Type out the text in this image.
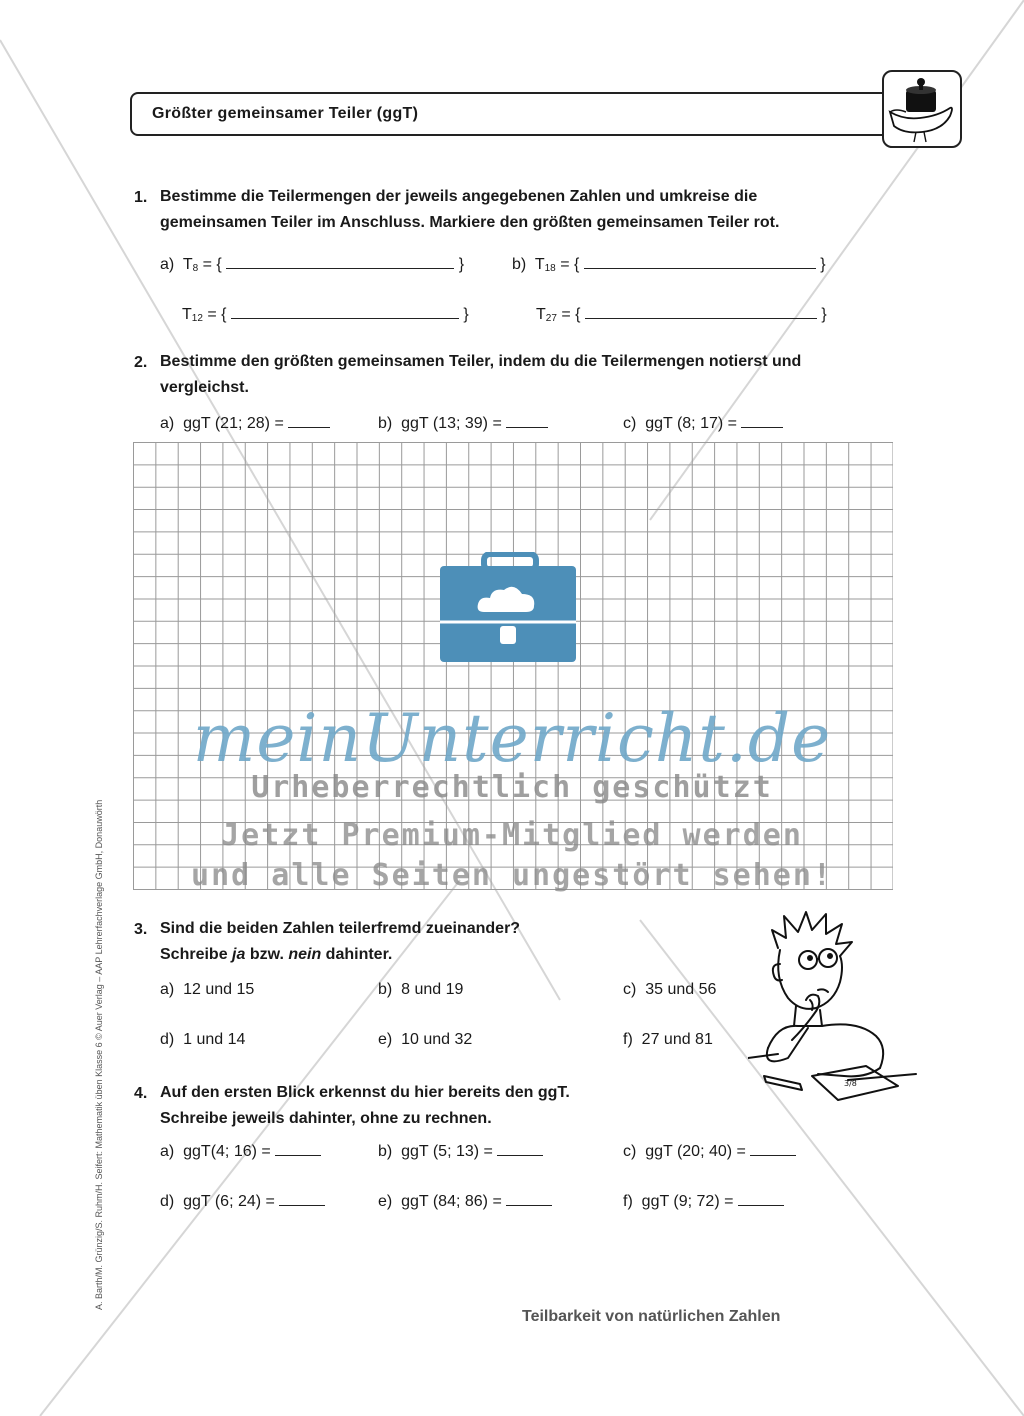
Größter gemeinsamer Teiler (ggT)
1. Bestimme die Teilermengen der jeweils angegebenen Zahlen und umkreise die
gemeinsamen Teiler im Anschluss. Markiere den größten gemeinsamen Teiler rot.
a) $T_8$ = {	}	b) $T_{18}$ = {	}
$T_{12}$ = {	}	$T_{27}$ = {	}
2. Bestimme den größten gemeinsamen Teiler, indem du die Teilermengen notierst und
vergleichst.
a) ggT (21; 28) =	b) ggT (13; 39) =	c) ggT (8; 17) =
meinUnterricht.de
Urheberrechtlich geschützt
Jetzt Premium-Mitglied werden
und alle Seiten ungestört sehen!
3. Sind die beiden Zahlen teilerfremd zueinander?
Schreibe ja bzw. nein dahinter.
a) 12 und 15	b) 8 und 19	c) 35 und 56
d) 1 und 14	e) 10 und 32	f) 27 und 81
3/8
4. Auf den ersten Blick erkennst du hier bereits den ggT.
Schreibe jeweils dahinter, ohne zu rechnen.
a) ggT(4; 16) =	b) ggT (5; 13) =	c) ggT (20; 40) =
d) ggT (6; 24) =	e) ggT (84; 86) =	f) ggT (9; 72) =
A. Barth/M. Grünzig/S. Ruhm/H. Seifert: Mathematik üben Klasse 6 © Auer Verlag – AAP Lehrerfachverlage GmbH, Donauwörth
Teilbarkeit von natürlichen Zahlen
